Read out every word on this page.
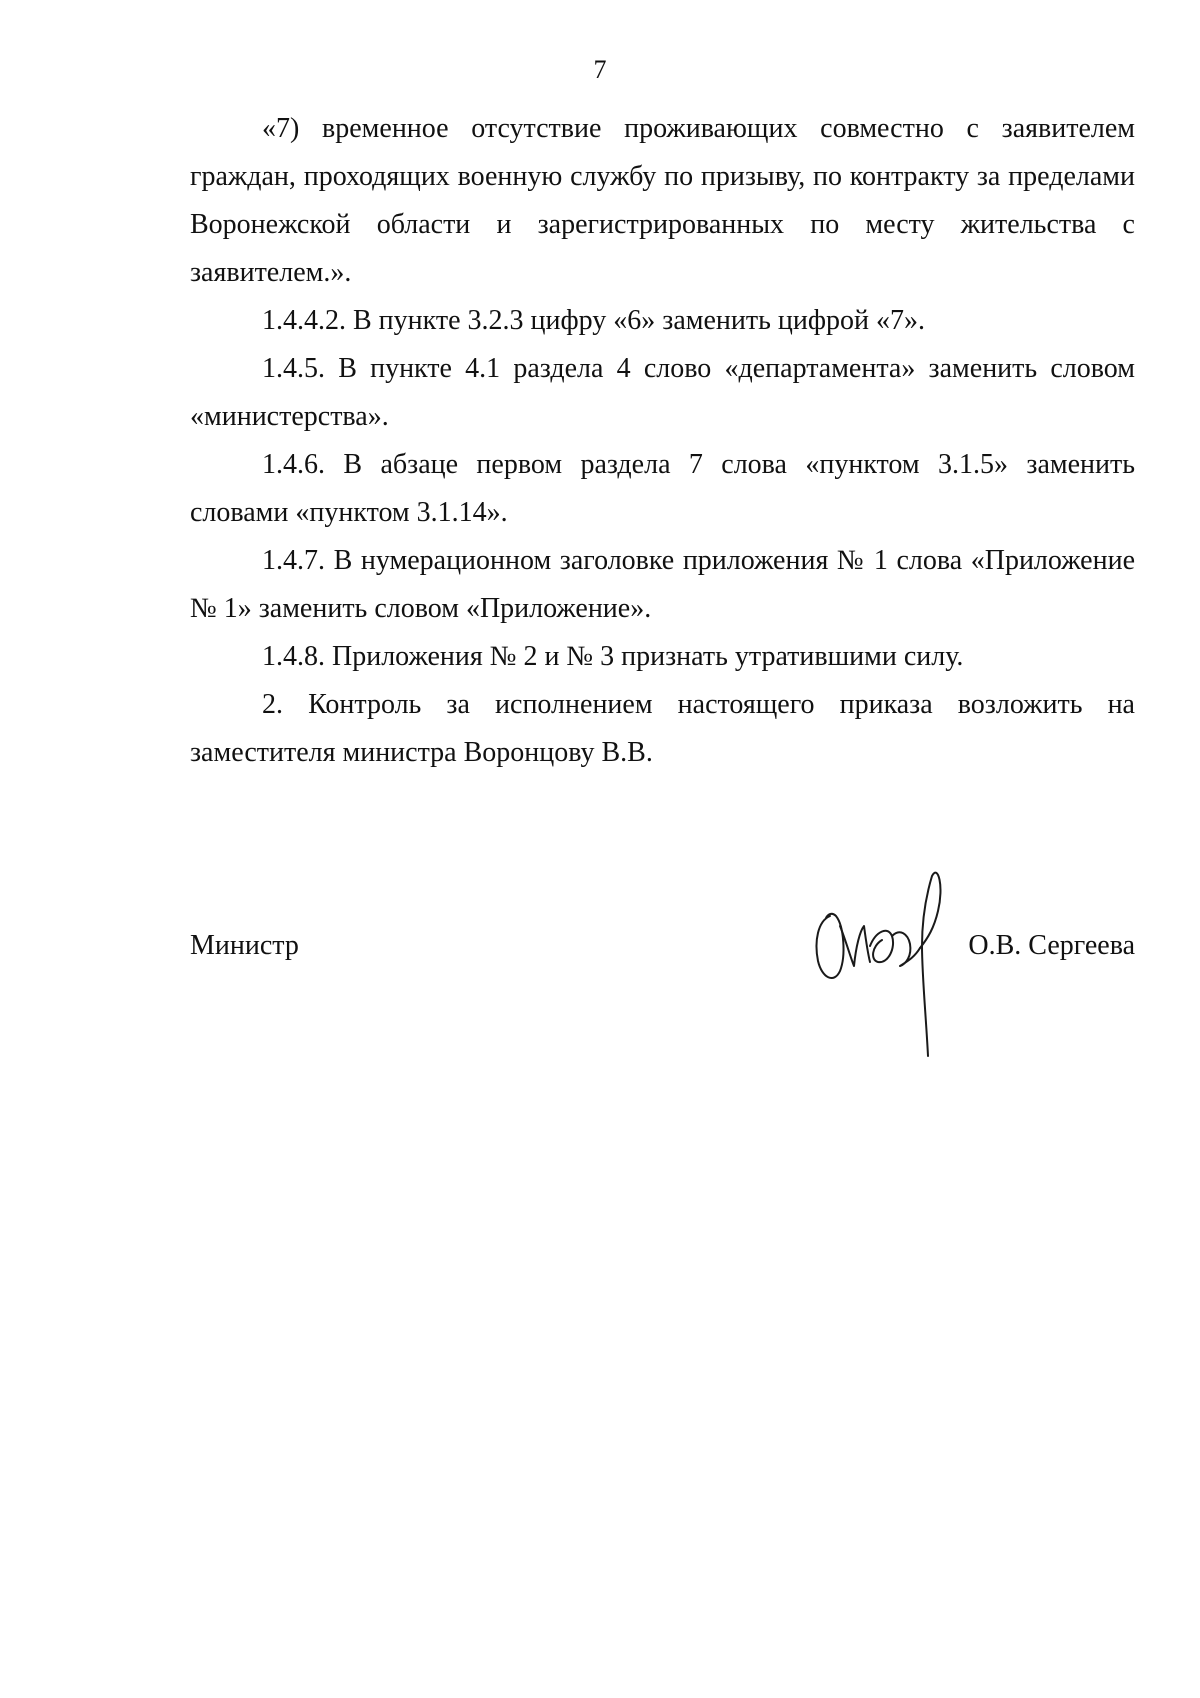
7

«7) временное отсутствие проживающих совместно с заявителем граждан, проходящих военную службу по призыву, по контракту за пределами Воронежской области и зарегистрированных по месту жительства с заявителем.».

1.4.4.2. В пункте 3.2.3 цифру «6» заменить цифрой «7».

1.4.5. В пункте 4.1 раздела 4 слово «департамента» заменить словом «министерства».

1.4.6. В абзаце первом раздела 7 слова «пунктом 3.1.5» заменить словами «пунктом 3.1.14».

1.4.7. В нумерационном заголовке приложения № 1 слова «Приложение № 1» заменить словом «Приложение».

1.4.8. Приложения № 2 и № 3 признать утратившими силу.

2. Контроль за исполнением настоящего приказа возложить на заместителя министра Воронцову В.В.

Министр	О.В. Сергеева
